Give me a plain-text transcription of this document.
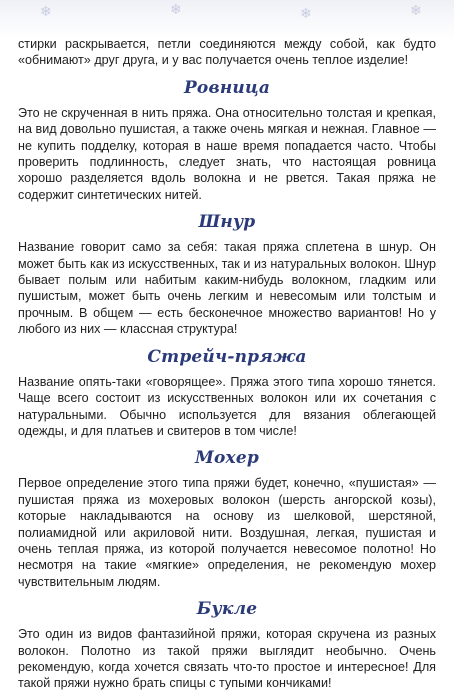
❄	❄	❄	❄

стирки раскрывается, петли соединяются между собой, как будто «обнимают» друг друга, и у вас получается очень теплое изделие!

Ровница

Это не скрученная в нить пряжа. Она относительно толстая и крепкая, на вид довольно пушистая, а также очень мягкая и нежная. Главное — не купить подделку, которая в наше время попадается часто. Чтобы проверить подлинность, следует знать, что настоящая ровница хорошо разделяется вдоль волокна и не рвется. Такая пряжа не содержит синтетических нитей.

Шнур

Название говорит само за себя: такая пряжа сплетена в шнур. Он может быть как из искусственных, так и из натуральных волокон. Шнур бывает полым или набитым каким-нибудь волокном, гладким или пушистым, может быть очень легким и невесомым или толстым и прочным. В общем — есть бесконечное множество вариантов! Но у любого из них — классная структура!

Стрейч-пряжа

Название опять-таки «говорящее». Пряжа этого типа хорошо тянется. Чаще всего состоит из искусственных волокон или их сочетания с натуральными. Обычно используется для вязания облегающей одежды, и для платьев и свитеров в том числе!

Мохер

Первое определение этого типа пряжи будет, конечно, «пушистая» — пушистая пряжа из мохеровых волокон (шерсть ангорской козы), которые накладываются на основу из шелковой, шерстяной, полиамидной или акриловой нити. Воздушная, легкая, пушистая и очень теплая пряжа, из которой получается невесомое полотно! Но несмотря на такие «мягкие» определения, не рекомендую мохер чувствительным людям.

Букле

Это один из видов фантазийной пряжи, которая скручена из разных волокон. Полотно из такой пряжи выглядит необычно. Очень рекомендую, когда хочется связать что-то простое и интересное! Для такой пряжи нужно брать спицы с тупыми кончиками!
